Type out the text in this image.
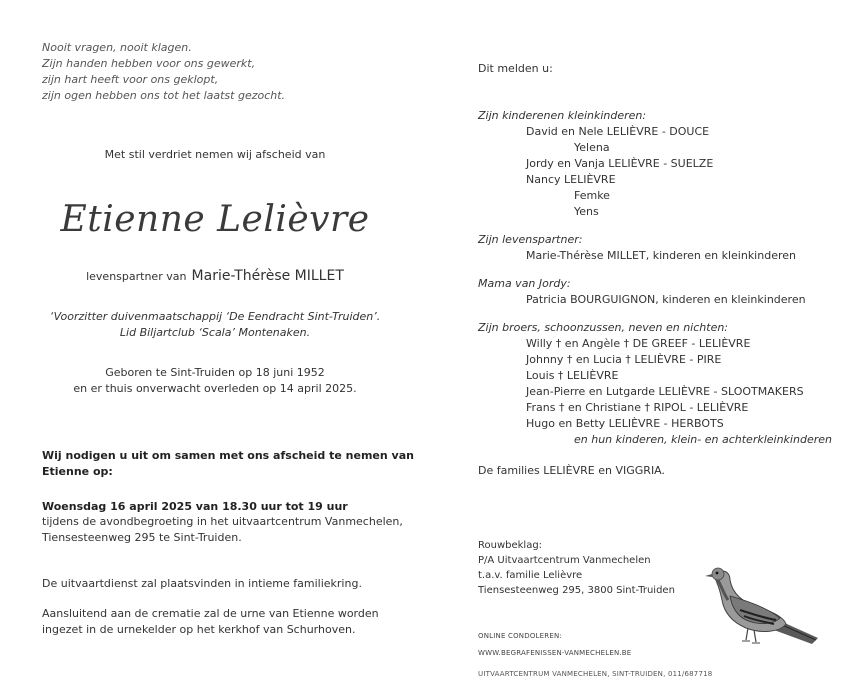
Nooit vragen, nooit klagen.
Zijn handen hebben voor ons gewerkt,
zijn hart heeft voor ons geklopt,
zijn ogen hebben ons tot het laatst gezocht.
Met stil verdriet nemen wij afscheid van
Etienne Lelièvre
levenspartner van Marie-Thérèse MILLET
‘Voorzitter duivenmaatschappij ‘De Eendracht Sint-Truiden’.
Lid Biljartclub ‘Scala’ Montenaken.
Geboren te Sint-Truiden op 18 juni 1952
en er thuis onverwacht overleden op 14 april 2025.
Wij nodigen u uit om samen met ons afscheid te nemen van
Etienne op:
Woensdag 16 april 2025 van 18.30 uur tot 19 uur
tijdens de avondbegroeting in het uitvaartcentrum Vanmechelen,
Tiensesteenweg 295 te Sint-Truiden.
De uitvaartdienst zal plaatsvinden in intieme familiekring.
Aansluitend aan de crematie zal de urne van Etienne worden
ingezet in de urnekelder op het kerkhof van Schurhoven.
Dit melden u:
Zijn kinderenen kleinkinderen:
David en Nele LELIÈVRE - DOUCE
Yelena
Jordy en Vanja LELIÈVRE - SUELZE
Nancy LELIÈVRE
Femke
Yens
Zijn levenspartner:
Marie-Thérèse MILLET, kinderen en kleinkinderen
Mama van Jordy:
Patricia BOURGUIGNON, kinderen en kleinkinderen
Zijn broers, schoonzussen, neven en nichten:
Willy † en Angèle † DE GREEF - LELIÈVRE
Johnny † en Lucia † LELIÈVRE - PIRE
Louis † LELIÈVRE
Jean-Pierre en Lutgarde LELIÈVRE - SLOOTMAKERS
Frans † en Christiane † RIPOL - LELIÈVRE
Hugo en Betty LELIÈVRE - HERBOTS
en hun kinderen, klein- en achterkleinkinderen
De families LELIÈVRE en VIGGRIA.
Rouwbeklag:
P/A Uitvaartcentrum Vanmechelen
t.a.v. familie Lelièvre
Tiensesteenweg 295, 3800 Sint-Truiden
ONLINE CONDOLEREN:
WWW.BEGRAFENISSEN-VANMECHELEN.BE
UITVAARTCENTRUM VANMECHELEN, SINT-TRUIDEN, 011/687718
